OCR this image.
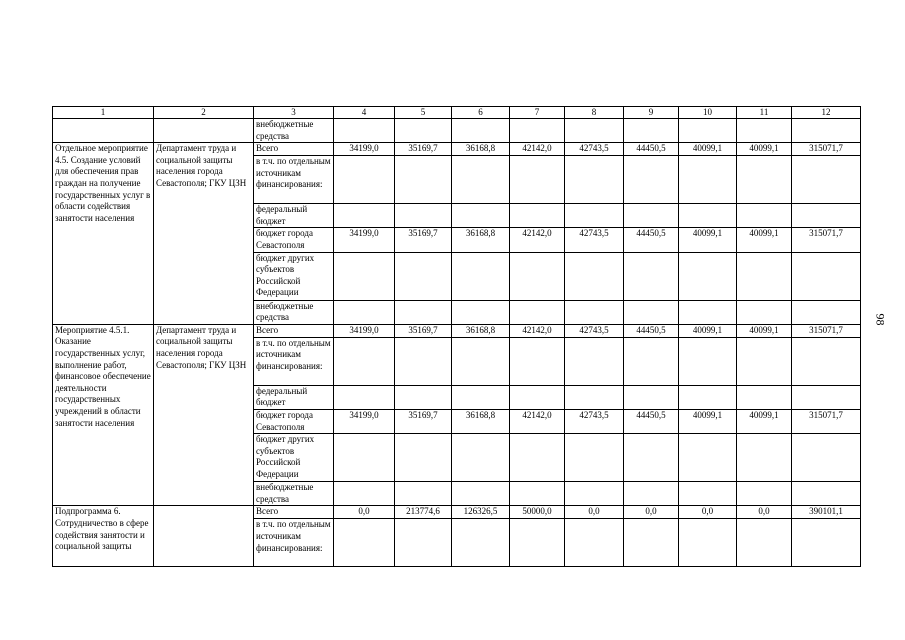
1	2	3	4	5	6	7	8	9	10	11	12
		внебюджетные средства									
Отдельное мероприятие 4.5. Создание условий для обеспечения прав граждан на получение государственных услуг в области содействия занятости населения	Департамент труда и социальной защиты населения города Севастополя; ГКУ ЦЗН	Всего	34199,0	35169,7	36168,8	42142,0	42743,5	44450,5	40099,1	40099,1	315071,7
		в т.ч. по отдельным источникам финансирования:									
		федеральный бюджет									
		бюджет города Севастополя	34199,0	35169,7	36168,8	42142,0	42743,5	44450,5	40099,1	40099,1	315071,7
		бюджет других субъектов Российской Федерации									
		внебюджетные средства									
Мероприятие 4.5.1. Оказание государственных услуг, выполнение работ, финансовое обеспечение деятельности государственных учреждений в области занятости населения	Департамент труда и социальной защиты населения города Севастополя; ГКУ ЦЗН	Всего	34199,0	35169,7	36168,8	42142,0	42743,5	44450,5	40099,1	40099,1	315071,7
		в т.ч. по отдельным источникам финансирования:									
		федеральный бюджет									
		бюджет города Севастополя	34199,0	35169,7	36168,8	42142,0	42743,5	44450,5	40099,1	40099,1	315071,7
		бюджет других субъектов Российской Федерации									
		внебюджетные средства									
Подпрограмма 6. Сотрудничество в сфере содействия занятости и социальной защиты		Всего	0,0	213774,6	126326,5	50000,0	0,0	0,0	0,0	0,0	390101,1
		в т.ч. по отдельным источникам финансирования:									
98
